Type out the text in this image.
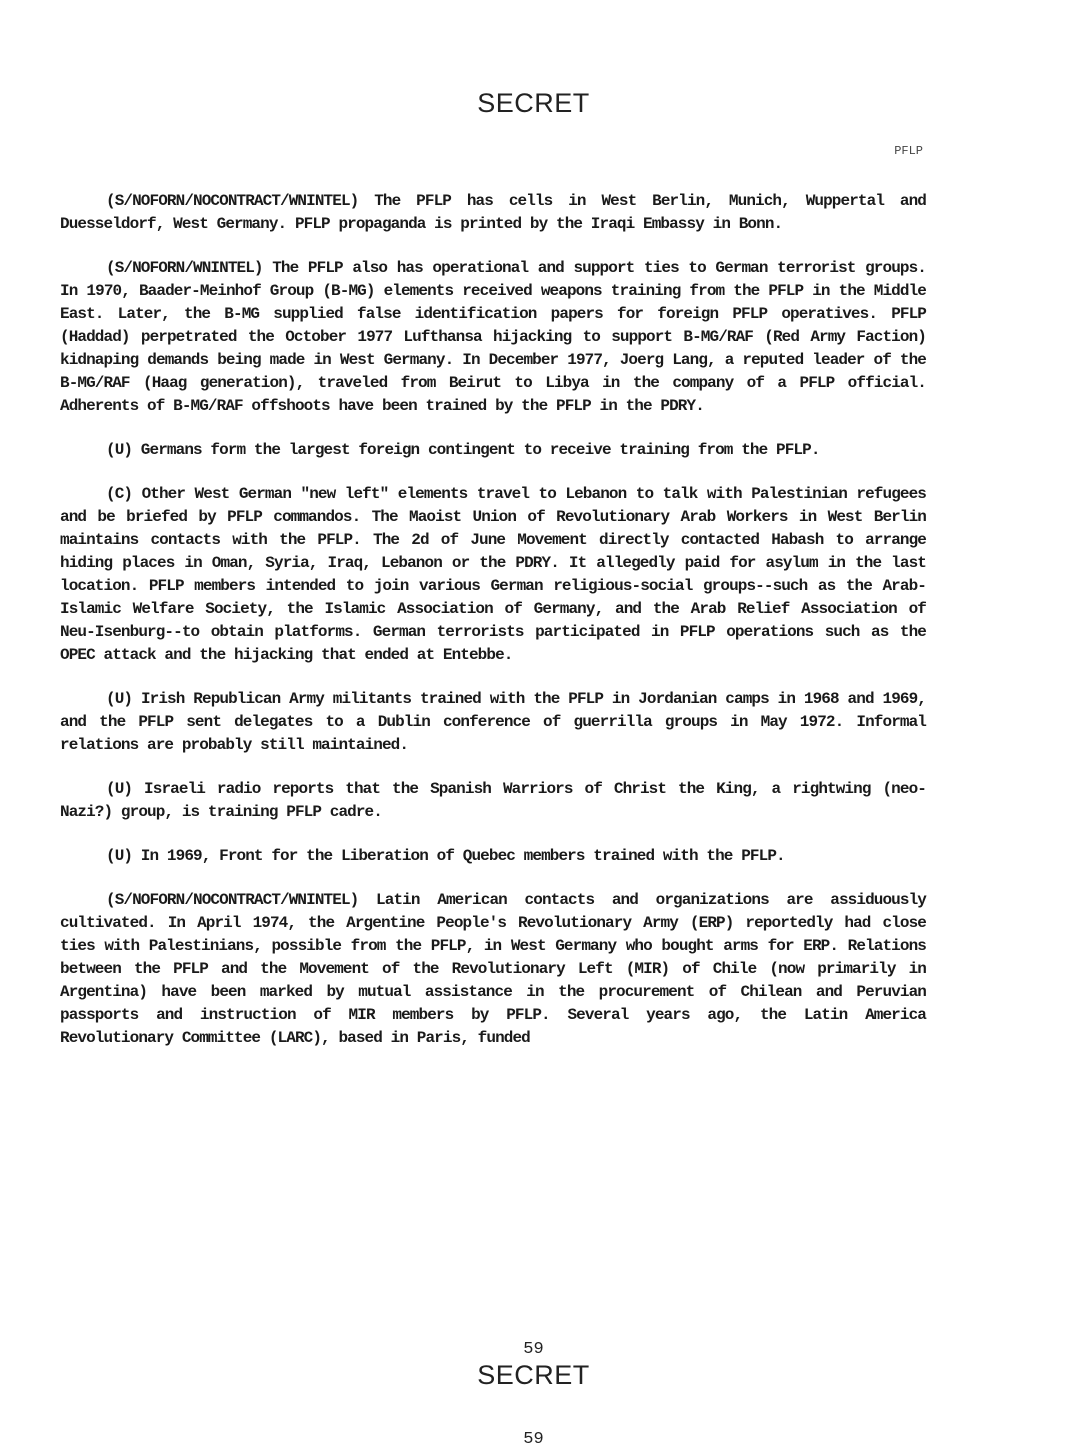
SECRET
PFLP

(S/NOFORN/NOCONTRACT/WNINTEL) The PFLP has cells in West Berlin, Munich, Wuppertal and Duesseldorf, West Germany. PFLP propaganda is printed by the Iraqi Embassy in Bonn.

(S/NOFORN/WNINTEL) The PFLP also has operational and support ties to German terrorist groups. In 1970, Baader-Meinhof Group (B-MG) elements received weapons training from the PFLP in the Middle East. Later, the B-MG supplied false identification papers for foreign PFLP operatives. PFLP (Haddad) perpetrated the October 1977 Lufthansa hijacking to support B-MG/RAF (Red Army Faction) kidnaping demands being made in West Germany. In December 1977, Joerg Lang, a reputed leader of the B-MG/RAF (Haag generation), traveled from Beirut to Libya in the company of a PFLP official. Adherents of B-MG/RAF offshoots have been trained by the PFLP in the PDRY.

(U) Germans form the largest foreign contingent to receive training from the PFLP.

(C) Other West German "new left" elements travel to Lebanon to talk with Palestinian refugees and be briefed by PFLP commandos. The Maoist Union of Revolutionary Arab Workers in West Berlin maintains contacts with the PFLP. The 2d of June Movement directly contacted Habash to arrange hiding places in Oman, Syria, Iraq, Lebanon or the PDRY. It allegedly paid for asylum in the last location. PFLP members intended to join various German religious-social groups--such as the Arab-Islamic Welfare Society, the Islamic Association of Germany, and the Arab Relief Association of Neu-Isenburg--to obtain platforms. German terrorists participated in PFLP operations such as the OPEC attack and the hijacking that ended at Entebbe.

(U) Irish Republican Army militants trained with the PFLP in Jordanian camps in 1968 and 1969, and the PFLP sent delegates to a Dublin conference of guerrilla groups in May 1972. Informal relations are probably still maintained.

(U) Israeli radio reports that the Spanish Warriors of Christ the King, a rightwing (neo-Nazi?) group, is training PFLP cadre.

(U) In 1969, Front for the Liberation of Quebec members trained with the PFLP.

(S/NOFORN/NOCONTRACT/WNINTEL) Latin American contacts and organizations are assiduously cultivated. In April 1974, the Argentine People's Revolutionary Army (ERP) reportedly had close ties with Palestinians, possible from the PFLP, in West Germany who bought arms for ERP. Relations between the PFLP and the Movement of the Revolutionary Left (MIR) of Chile (now primarily in Argentina) have been marked by mutual assistance in the procurement of Chilean and Peruvian passports and instruction of MIR members by PFLP. Several years ago, the Latin America Revolutionary Committee (LARC), based in Paris, funded

59
SECRET
59
